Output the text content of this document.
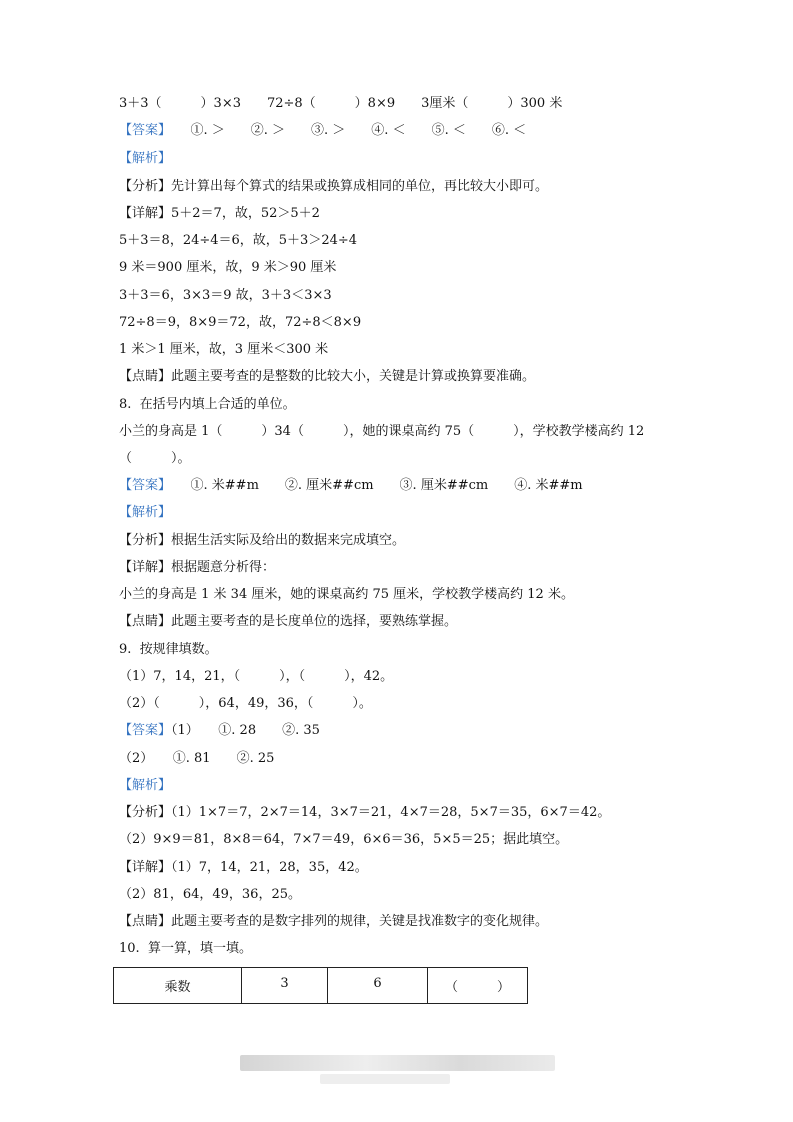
3＋3（　　　）3×3　　72÷8（　　　）8×9　　3厘米（　　　）300 米
【答案】　　①. ＞　　②. ＞　　③. ＞　　④. ＜　　⑤. ＜　　⑥. ＜
【解析】
【分析】先计算出每个算式的结果或换算成相同的单位，再比较大小即可。
【详解】5＋2＝7，故，52＞5＋2
5＋3＝8，24÷4＝6，故，5＋3＞24÷4
9 米＝900 厘米，故，9 米＞90 厘米
3＋3＝6，3×3＝9 故，3＋3＜3×3
72÷8＝9，8×9＝72，故，72÷8＜8×9
1 米＞1 厘米，故，3 厘米＜300 米
【点睛】此题主要考查的是整数的比较大小，关键是计算或换算要准确。
8.  在括号内填上合适的单位。
小兰的身高是 1（　　　）34（　　　），她的课桌高约 75（　　　），学校教学楼高约 12
（　　　）。
【答案】　　①. 米##m　　②. 厘米##cm　　③. 厘米##cm　　④. 米##m
【解析】
【分析】根据生活实际及给出的数据来完成填空。
【详解】根据题意分析得：
小兰的身高是 1 米 34 厘米，她的课桌高约 75 厘米，学校教学楼高约 12 米。
【点睛】此题主要考查的是长度单位的选择，要熟练掌握。
9.  按规律填数。
（1）7，14，21，（　　　），（　　　），42。
（2）（　　　），64，49，36，（　　　）。
【答案】（1）　　①. 28　　②. 35
（2）　　①. 81　　②. 25
【解析】
【分析】（1）1×7＝7，2×7＝14，3×7＝21，4×7＝28，5×7＝35，6×7＝42。
（2）9×9＝81，8×8＝64，7×7＝49，6×6＝36，5×5＝25；据此填空。
【详解】（1）7，14，21，28，35，42。
（2）81，64，49，36，25。
【点睛】此题主要考查的是数字排列的规律，关键是找准数字的变化规律。
10.  算一算，填一填。
乘数	3	6	（　　　）
